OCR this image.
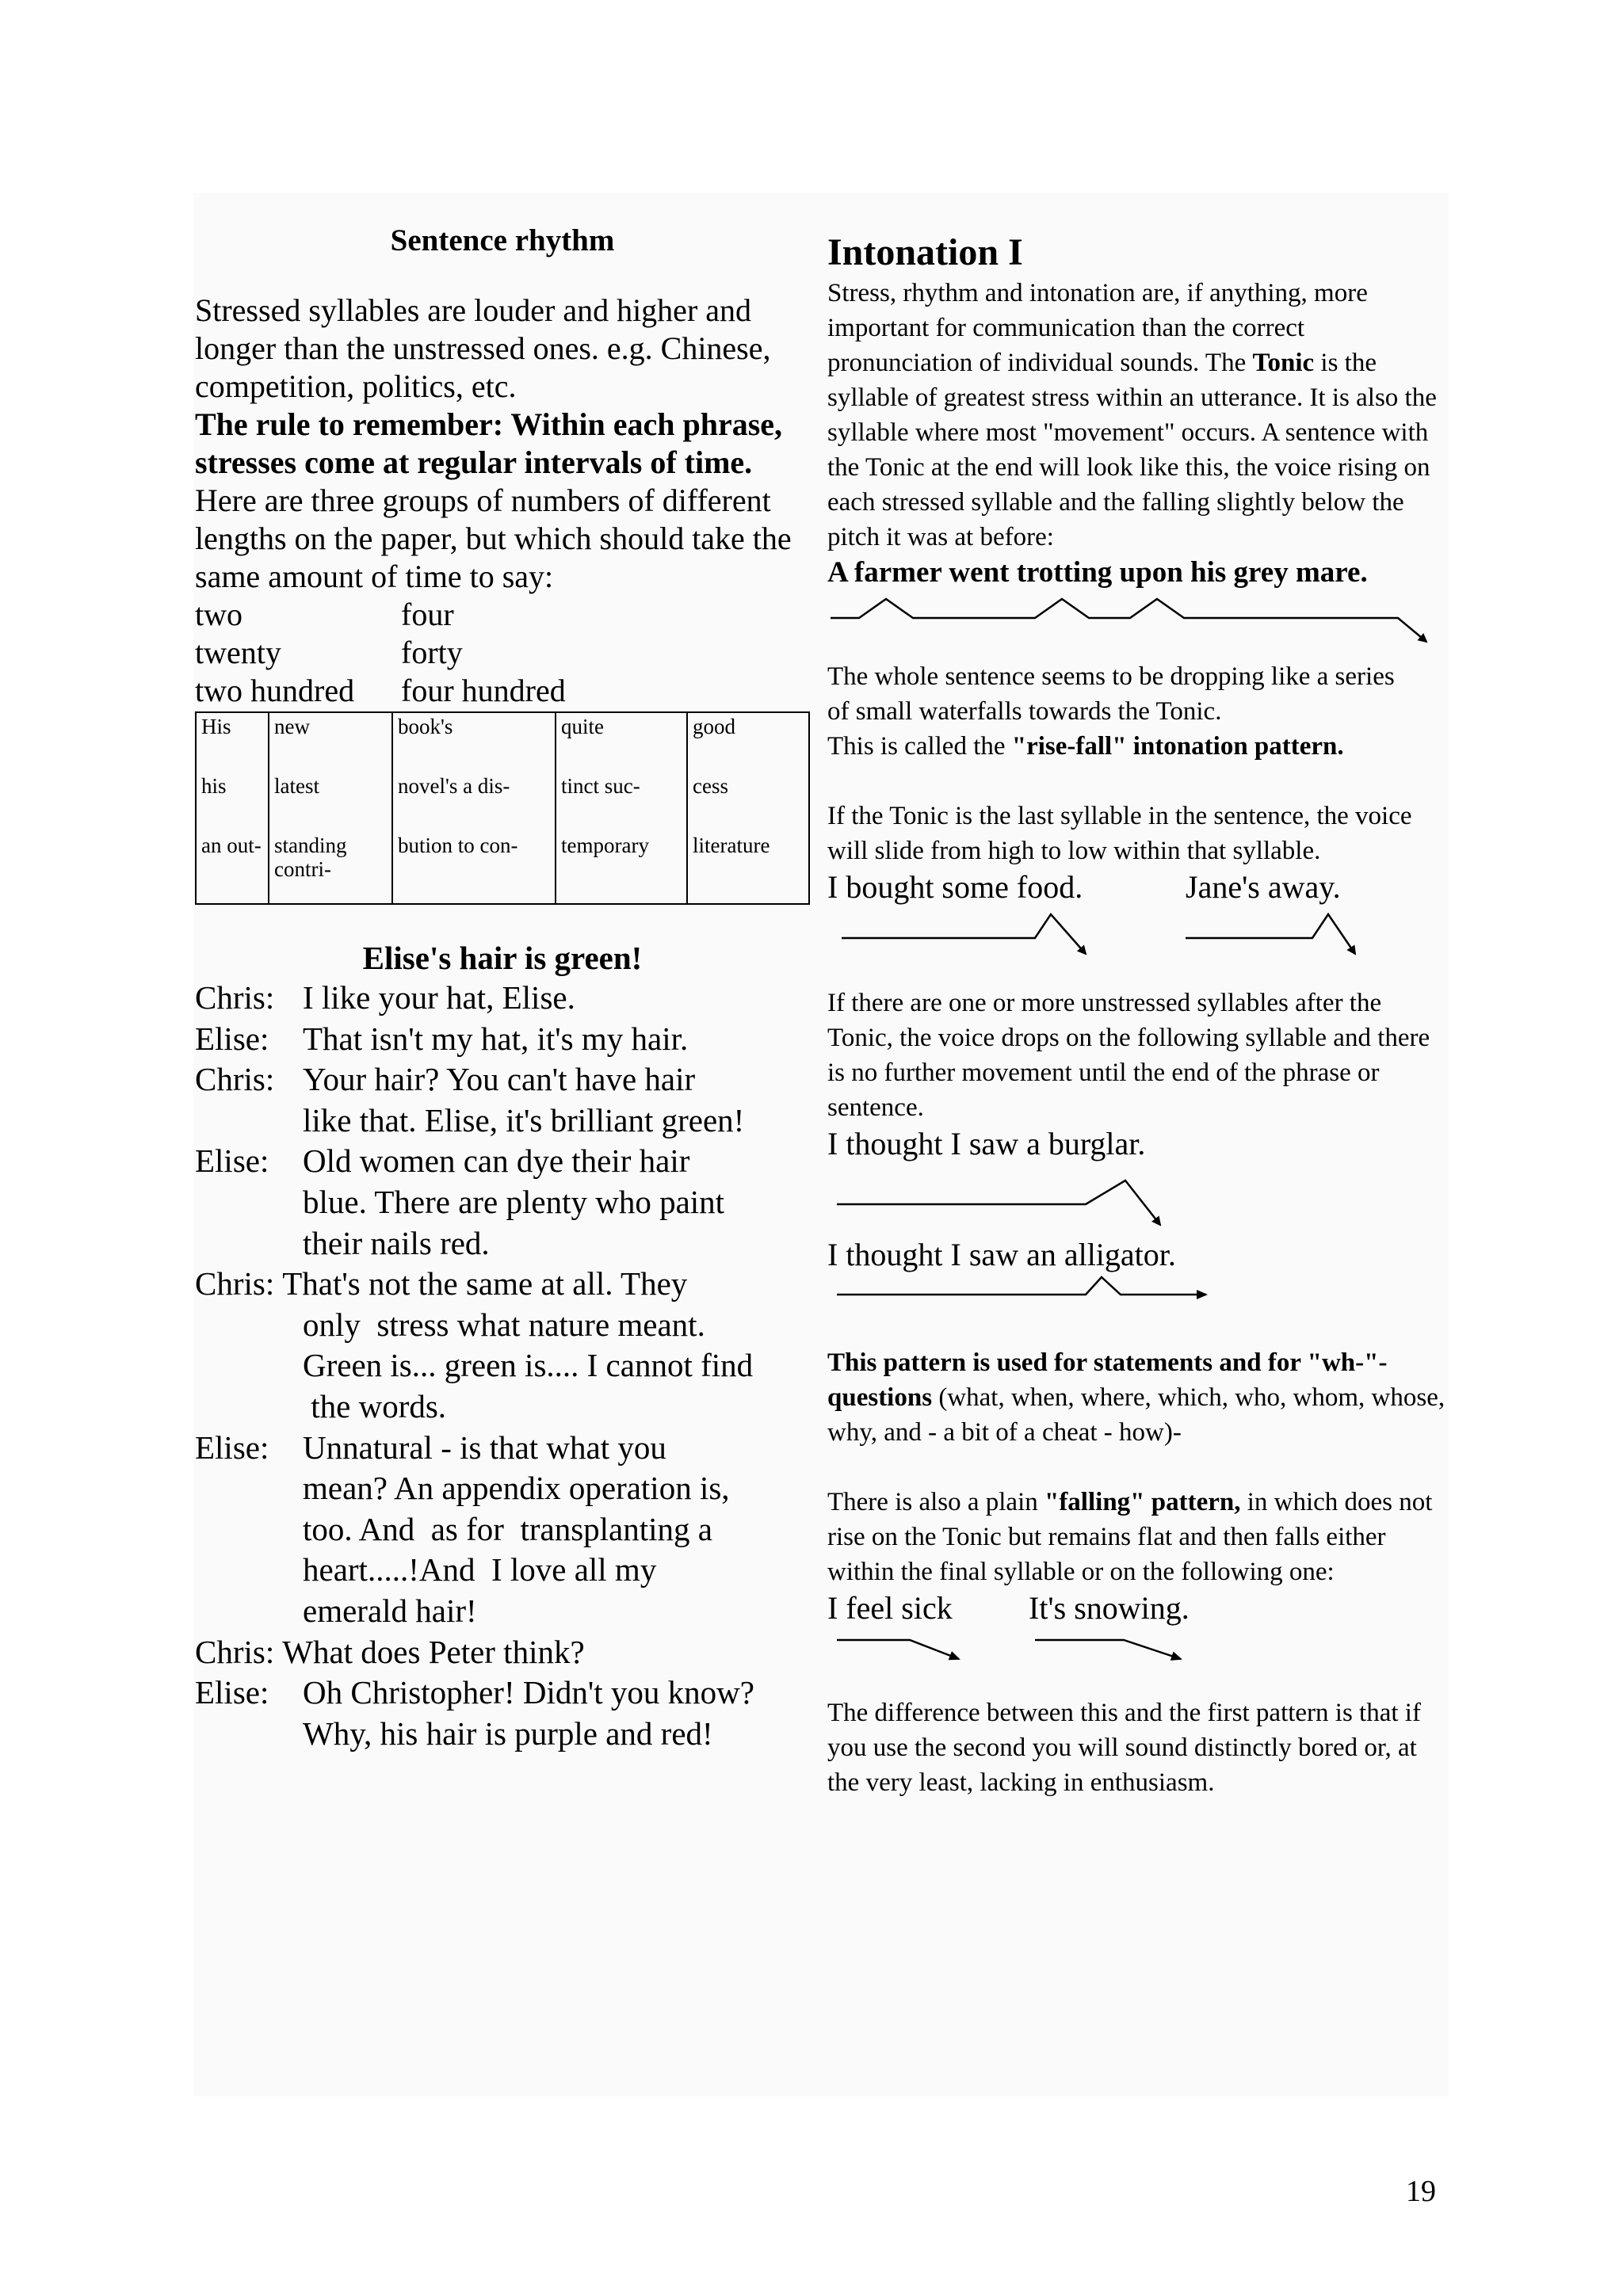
Sentence rhythm

Stressed syllables are louder and higher and longer than the unstressed ones. e.g. Chinese, competition, politics, etc.

The rule to remember: Within each phrase, stresses come at regular intervals of time.

Here are three groups of numbers of different lengths on the paper, but which should take the same amount of time to say:

two	four
twenty	forty
two hundred	four hundred
His	new	book's	quite	good
his	latest	novel's a dis-	tinct suc-	cess
an out-	standing contri-	bution to con-	temporary	literature

Elise's hair is green!

Chris: I like your hat, Elise.
Elise:	That isn't my hat, it's my hair.
Chris: Your hair? You can't have hair
like that. Elise, it's brilliant green!
Elise:	Old women can dye their hair
blue. There are plenty who paint
their nails red.
Chris: That's not the same at all. They
only  stress what nature meant.
Green is... green is.... I cannot find
the words.
Elise:	Unnatural - is that what you
mean? An appendix operation is,
too. And  as for  transplanting a
heart.....!And  I love all my
emerald hair!
Chris: What does Peter think?
Elise:	Oh Christopher! Didn't you know?
Why, his hair is purple and red!

Intonation I

Stress, rhythm and intonation are, if anything, more important for communication than the correct pronunciation of individual sounds. The Tonic is the syllable of greatest stress within an utterance. It is also the syllable where most "movement" occurs. A sentence with the Tonic at the end will look like this, the voice rising on each stressed syllable and the falling slightly below the pitch it was at before:

A farmer went trotting upon his grey mare.

The whole sentence seems to be dropping like a series

of small waterfalls towards the Tonic.

This is called the "rise-fall" intonation pattern.

If the Tonic is the last syllable in the sentence, the voice will slide from high to low within that syllable.

I bought some food.	Jane's away.

If there are one or more unstressed syllables after the Tonic, the voice drops on the following syllable and there is no further movement until the end of the phrase or sentence.

I thought I saw a burglar.

I thought I saw an alligator.

This pattern is used for statements and for "wh-"-questions (what, when, where, which, who, whom, whose, why, and - a bit of a cheat - how)-

There is also a plain "falling" pattern, in which does not rise on the Tonic but remains flat and then falls either within the final syllable or on the following one:

I feel sick	It's snowing.

The difference between this and the first pattern is that if you use the second you will sound distinctly bored or, at the very least, lacking in enthusiasm.

19
